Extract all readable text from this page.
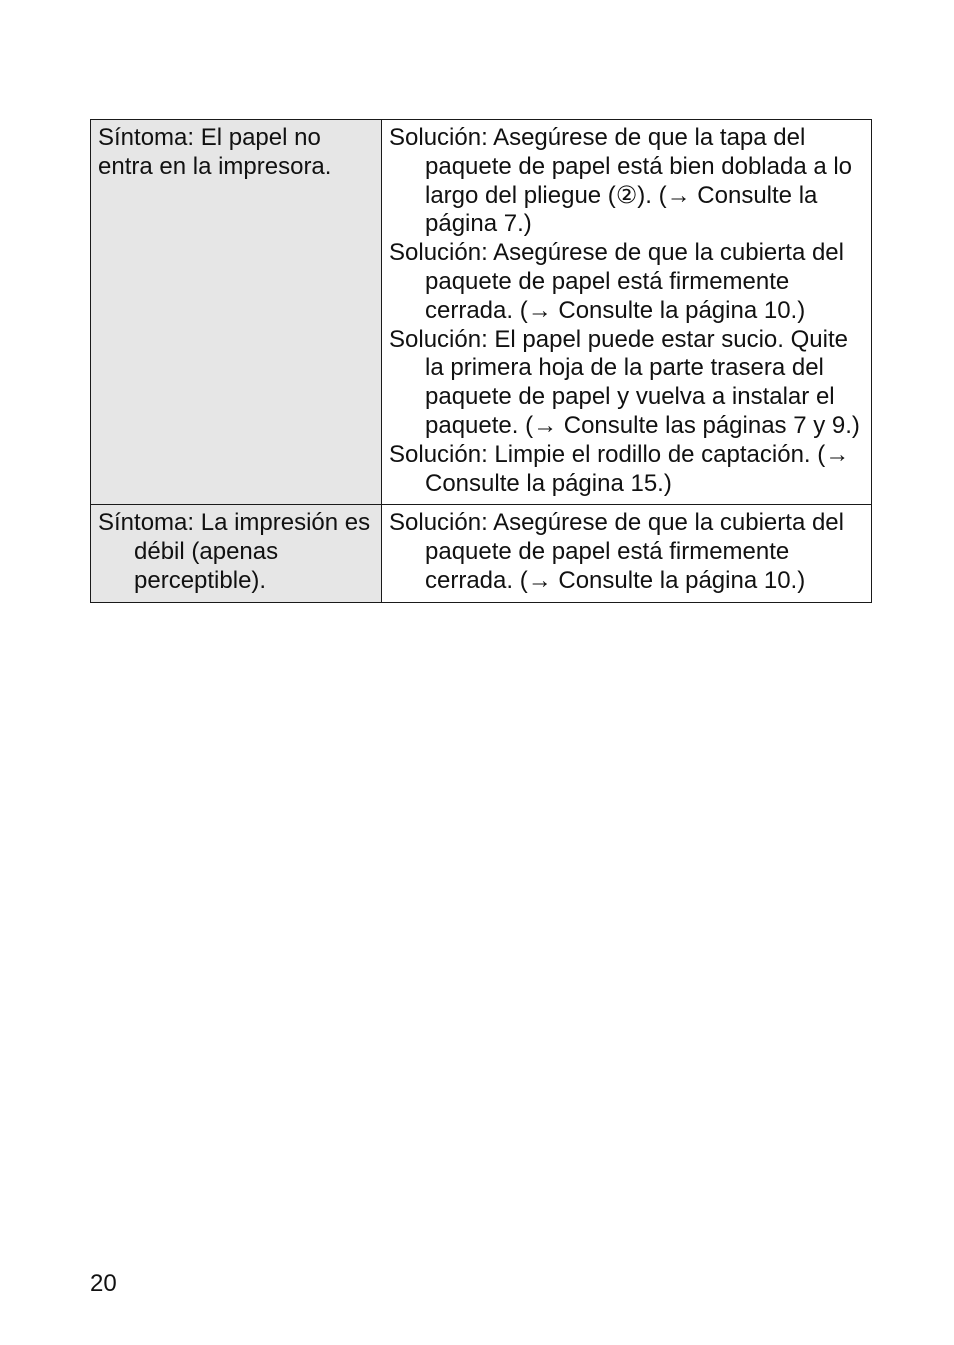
Síntoma: El papel no entra en la impresora.	Solución: Asegúrese de que la tapa del paquete de papel está bien doblada a lo largo del pliegue (②). (→ Consulte la página 7.)
Solución: Asegúrese de que la cubierta del paquete de papel está firmemente cerrada. (→ Consulte la página 10.)
Solución: El papel puede estar sucio. Quite la primera hoja de la parte trasera del paquete de papel y vuelva a instalar el paquete. (→ Consulte las páginas 7 y 9.)
Solución: Limpie el rodillo de captación. (→ Consulte la página 15.)

Síntoma: La impresión es débil (apenas perceptible).	Solución: Asegúrese de que la cubierta del paquete de papel está firmemente cerrada. (→ Consulte la página 10.)
20
